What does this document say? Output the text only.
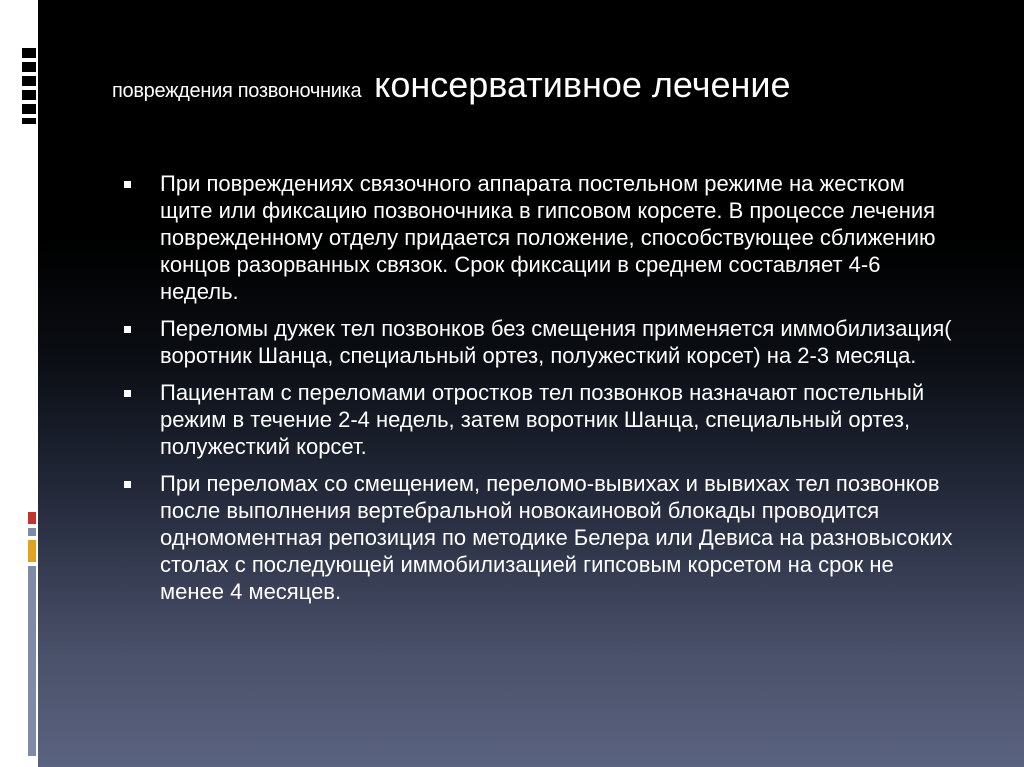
повреждения позвоночника консервативное лечение
При повреждениях связочного аппарата постельном режиме на жестком щите или фиксацию позвоночника в гипсовом корсете. В процессе лечения поврежденному отделу придается положение, способствующее сближению концов разорванных связок. Срок фиксации в среднем составляет 4-6 недель.
Переломы дужек тел позвонков без смещения применяется иммобилизация( воротник Шанца, специальный ортез, полужесткий корсет) на 2-3 месяца.
Пациентам с переломами отростков тел позвонков назначают постельный режим в течение 2-4 недель, затем воротник Шанца, специальный ортез, полужесткий корсет.
При переломах со смещением, переломо-вывихах и вывихах тел позвонков после выполнения вертебральной новокаиновой блокады проводится одномоментная репозиция по методике Белера или Девиса на разновысоких столах с последующей иммобилизацией гипсовым корсетом на срок не менее 4 месяцев.
